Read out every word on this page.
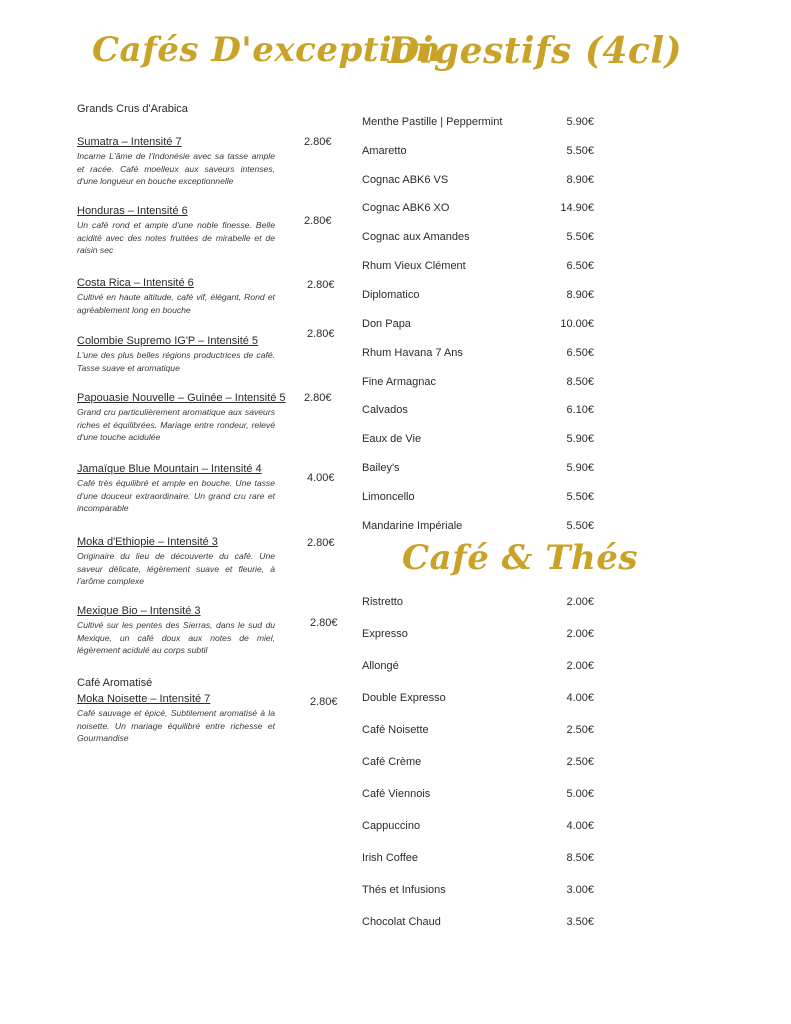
Cafés D'exception
Digestifs (4cl)
Café & Thés
Grands Crus d'Arabica
Sumatra – Intensité 7
Incarne L'âme de l'Indonésie avec sa tasse ample et racée. Café moelleux aux saveurs intenses, d'une longueur en bouche exceptionnelle
2.80€
Honduras – Intensité 6
Un café rond et ample d'une noble finesse. Belle acidité avec des notes fruitées de mirabelle et de raisin sec
2.80€
Costa Rica – Intensité 6
Cultivé en haute altitude, café vif, élégant, Rond et agréablement long en bouche
2.80€
Colombie Supremo IG'P – Intensité 5
L'une des plus belles régions productrices de café. Tasse suave et aromatique
2.80€
Papouasie Nouvelle – Guinée – Intensité 5
Grand cru particulièrement aromatique aux saveurs riches et équilibrées. Mariage entre rondeur, relevé d'une touche acidulée
2.80€
Jamaïque Blue Mountain – Intensité 4
Café très équilibré et ample en bouche. Une tasse d'une douceur extraordinaire. Un grand cru rare et incomparable
4.00€
Moka d'Ethiopie – Intensité 3
Originaire du lieu de découverte du café. Une saveur délicate, légèrement suave et fleurie, à l'arôme complexe
2.80€
Mexique Bio – Intensité 3
Cultivé sur les pentes des Sierras, dans le sud du Mexique, un café doux aux notes de miel, légèrement acidulé au corps subtil
2.80€
Café Aromatisé
Moka Noisette – Intensité 7
Café sauvage et épicé, Subtilement aromatisé à la noisette. Un mariage équilibré entre richesse et Gourmandise
2.80€
Menthe Pastille | Peppermint	5.90€
Amaretto	5.50€
Cognac ABK6 VS	8.90€
Cognac ABK6 XO	14.90€
Cognac aux Amandes	5.50€
Rhum Vieux Clément	6.50€
Diplomatico	8.90€
Don Papa	10.00€
Rhum Havana 7 Ans	6.50€
Fine Armagnac	8.50€
Calvados	6.10€
Eaux de Vie	5.90€
Bailey's	5.90€
Limoncello	5.50€
Mandarine Impériale	5.50€
Ristretto	2.00€
Expresso	2.00€
Allongé	2.00€
Double Expresso	4.00€
Café Noisette	2.50€
Café Crème	2.50€
Café Viennois	5.00€
Cappuccino	4.00€
Irish Coffee	8.50€
Thés et Infusions	3.00€
Chocolat Chaud	3.50€
